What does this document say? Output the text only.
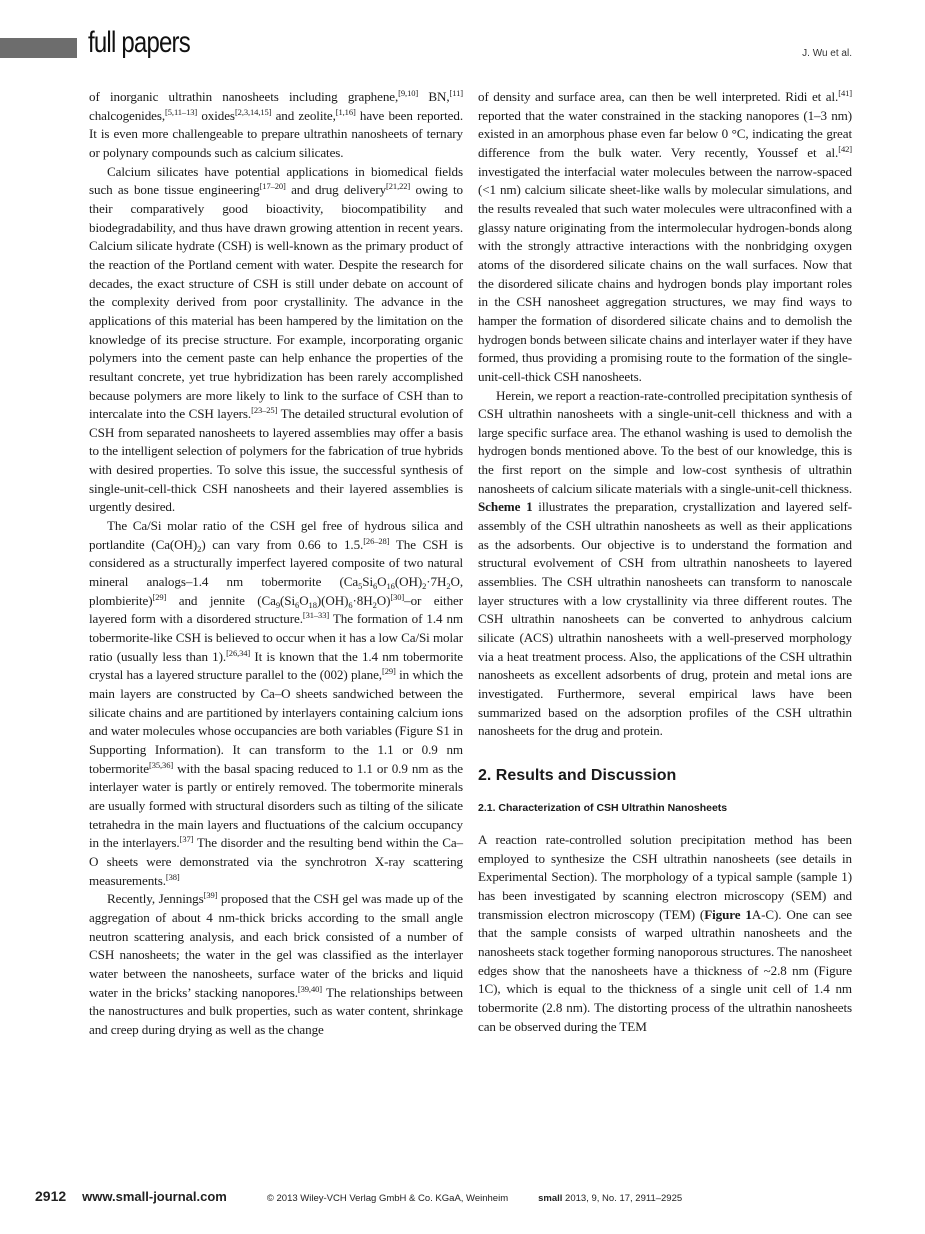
full papers	J. Wu et al.

of inorganic ultrathin nanosheets including graphene,[9,10] BN,[11] chalcogenides,[5,11–13] oxides[2,3,14,15] and zeolite,[1,16] have been reported. It is even more challengeable to prepare ultrathin nanosheets of ternary or polynary compounds such as calcium silicates.

Calcium silicates have potential applications in biomedical fields such as bone tissue engineering[17–20] and drug delivery[21,22] owing to their comparatively good bioactivity, biocompatibility and biodegradability, and thus have drawn growing attention in recent years. Calcium silicate hydrate (CSH) is well-known as the primary product of the reaction of the Portland cement with water. Despite the research for decades, the exact structure of CSH is still under debate on account of the complexity derived from poor crystallinity. The advance in the applications of this material has been hampered by the limitation on the knowledge of its precise structure. For example, incorporating organic polymers into the cement paste can help enhance the properties of the resultant concrete, yet true hybridization has been rarely accomplished because polymers are more likely to link to the surface of CSH than to intercalate into the CSH layers.[23–25] The detailed structural evolution of CSH from separated nanosheets to layered assemblies may offer a basis to the intelligent selection of polymers for the fabrication of true hybrids with desired properties. To solve this issue, the successful synthesis of single-unit-cell-thick CSH nanosheets and their layered assemblies is urgently desired.

The Ca/Si molar ratio of the CSH gel free of hydrous silica and portlandite $(Ca(OH)_2)$ can vary from 0.66 to 1.5.[26–28] The CSH is considered as a structurally imperfect layered composite of two natural mineral analogs–1.4 nm tobermorite ($Ca_5Si_6O_{16}(OH)_2\cdot 7H_2O$, plombierite)[29] and jennite $(Ca_9(Si_6O_{18})(OH)_6\cdot 8H_2O)[30]-or$ either layered form with a disordered structure.[31–33] The formation of 1.4 nm tobermorite-like CSH is believed to occur when it has a low Ca/Si molar ratio (usually less than 1).[26,34] It is known that the 1.4 nm tobermorite crystal has a layered structure parallel to the (002) plane,[29] in which the main layers are constructed by Ca–O sheets sandwiched between the silicate chains and are partitioned by interlayers containing calcium ions and water molecules whose occupancies are both variables (Figure S1 in Supporting Information). It can transform to the 1.1 or 0.9 nm tobermorite[35,36] with the basal spacing reduced to 1.1 or 0.9 nm as the interlayer water is partly or entirely removed. The tobermorite minerals are usually formed with structural disorders such as tilting of the silicate tetrahedra in the main layers and fluctuations of the calcium occupancy in the interlayers.[37] The disorder and the resulting bend within the Ca–O sheets were demonstrated via the synchrotron X-ray scattering measurements.[38]

Recently, Jennings[39] proposed that the CSH gel was made up of the aggregation of about 4 nm-thick bricks according to the small angle neutron scattering analysis, and each brick consisted of a number of CSH nanosheets; the water in the gel was classified as the interlayer water between the nanosheets, surface water of the bricks and liquid water in the bricks’ stacking nanopores.[39,40] The relationships between the nanostructures and bulk properties, such as water content, shrinkage and creep during drying as well as the change

of density and surface area, can then be well interpreted. Ridi et al.[41] reported that the water constrained in the stacking nanopores (1–3 nm) existed in an amorphous phase even far below 0 °C, indicating the great difference from the bulk water. Very recently, Youssef et al.[42] investigated the interfacial water molecules between the narrow-spaced (<1 nm) calcium silicate sheet-like walls by molecular simulations, and the results revealed that such water molecules were ultraconfined with a glassy nature originating from the intermolecular hydrogen-bonds along with the strongly attractive interactions with the nonbridging oxygen atoms of the disordered silicate chains on the wall surfaces. Now that the disordered silicate chains and hydrogen bonds play important roles in the CSH nanosheet aggregation structures, we may find ways to hamper the formation of disordered silicate chains and to demolish the hydrogen bonds between silicate chains and interlayer water if they have formed, thus providing a promising route to the formation of the single-unit-cell-thick CSH nanosheets.

Herein, we report a reaction-rate-controlled precipitation synthesis of CSH ultrathin nanosheets with a single-unit-cell thickness and with a large specific surface area. The ethanol washing is used to demolish the hydrogen bonds mentioned above. To the best of our knowledge, this is the first report on the simple and low-cost synthesis of ultrathin nanosheets of calcium silicate materials with a single-unit-cell thickness. Scheme 1 illustrates the preparation, crystallization and layered self-assembly of the CSH ultrathin nanosheets as well as their applications as the adsorbents. Our objective is to understand the formation and structural evolvement of CSH from ultrathin nanosheets to layered assemblies. The CSH ultrathin nanosheets can transform to nanoscale layer structures with a low crystallinity via three different routes. The CSH ultrathin nanosheets can be converted to anhydrous calcium silicate (ACS) ultrathin nanosheets with a well-preserved morphology via a heat treatment process. Also, the applications of the CSH ultrathin nanosheets as excellent adsorbents of drug, protein and metal ions are investigated. Furthermore, several empirical laws have been summarized based on the adsorption profiles of the CSH ultrathin nanosheets for the drug and protein.

2. Results and Discussion
2.1. Characterization of CSH Ultrathin Nanosheets

A reaction rate-controlled solution precipitation method has been employed to synthesize the CSH ultrathin nanosheets (see details in Experimental Section). The morphology of a typical sample (sample 1) has been investigated by scanning electron microscopy (SEM) and transmission electron microscopy (TEM) (Figure 1A-C). One can see that the sample consists of warped ultrathin nanosheets and the nanosheets stack together forming nanoporous structures. The nanosheet edges show that the nanosheets have a thickness of ~2.8 nm (Figure 1C), which is equal to the thickness of a single unit cell of 1.4 nm tobermorite (2.8 nm). The distorting process of the ultrathin nanosheets can be observed during the TEM

2912 www.small-journal.com	© 2013 Wiley-VCH Verlag GmbH & Co. KGaA, Weinheim	small 2013, 9, No. 17, 2911–2925
